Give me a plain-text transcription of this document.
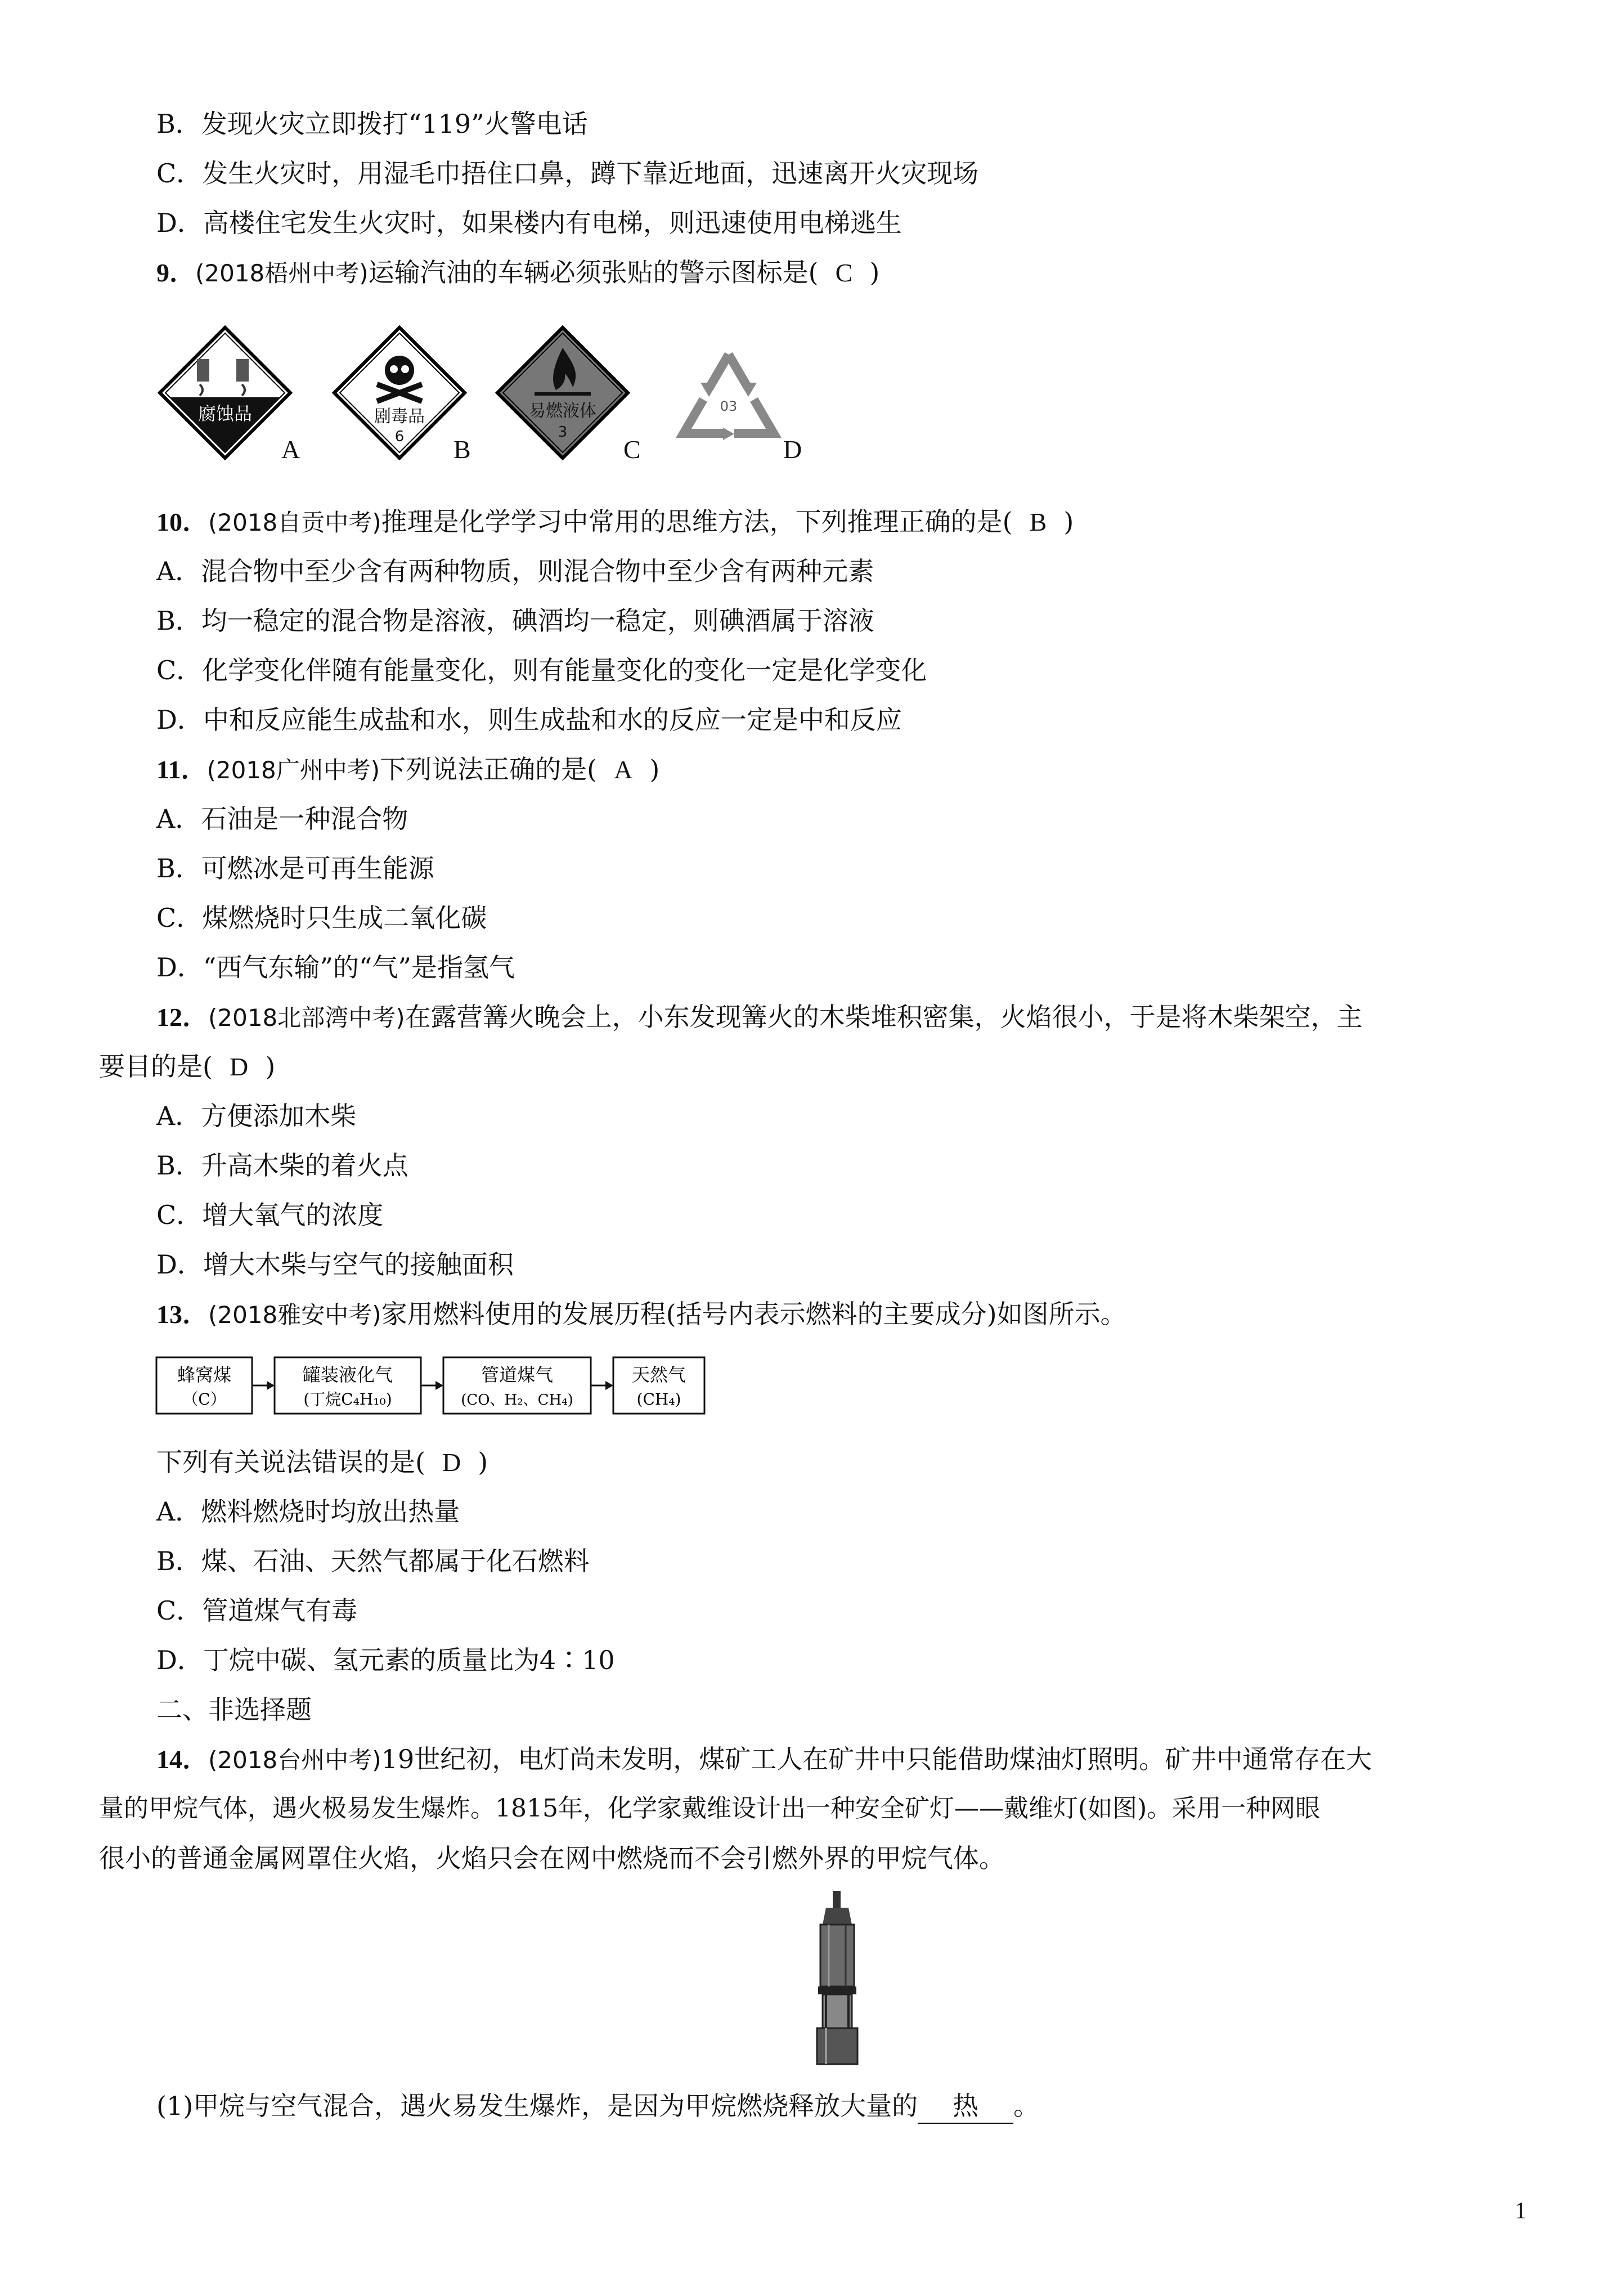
B．发现火灾立即拨打“119”火警电话
C．发生火灾时，用湿毛巾捂住口鼻，蹲下靠近地面，迅速离开火灾现场
D．高楼住宅发生火灾时，如果楼内有电梯，则迅速使用电梯逃生
9．(2018梧州中考)运输汽油的车辆必须张贴的警示图标是( C )
腐蚀品
A
剧毒品
6 B
易燃液体
3
C
03
D
10．(2018自贡中考)推理是化学学习中常用的思维方法，下列推理正确的是( B )
A．混合物中至少含有两种物质，则混合物中至少含有两种元素
B．均一稳定的混合物是溶液，碘酒均一稳定，则碘酒属于溶液
C．化学变化伴随有能量变化，则有能量变化的变化一定是化学变化
D．中和反应能生成盐和水，则生成盐和水的反应一定是中和反应
11．(2018广州中考)下列说法正确的是( A )
A．石油是一种混合物
B．可燃冰是可再生能源
C．煤燃烧时只生成二氧化碳
D．“西气东输”的“气”是指氢气
12．(2018北部湾中考)在露营篝火晚会上，小东发现篝火的木柴堆积密集，火焰很小，于是将木柴架空，主
要目的是( D )
A．方便添加木柴
B．升高木柴的着火点
C．增大氧气的浓度
D．增大木柴与空气的接触面积
13．(2018雅安中考)家用燃料使用的发展历程(括号内表示燃料的主要成分)如图所示。
蜂窝煤
（C）
罐装液化气
(丁烷C₄H₁₀)
管道煤气
(CO、H₂、CH₄)
天然气
(CH₄)
下列有关说法错误的是( D )
A．燃料燃烧时均放出热量
B．煤、石油、天然气都属于化石燃料
C．管道煤气有毒
D．丁烷中碳、氢元素的质量比为4∶10
二、非选择题
14．(2018台州中考)19世纪初，电灯尚未发明，煤矿工人在矿井中只能借助煤油灯照明。矿井中通常存在大
量的甲烷气体，遇火极易发生爆炸。1815年，化学家戴维设计出一种安全矿灯——戴维灯(如图)。采用一种网眼
很小的普通金属网罩住火焰，火焰只会在网中燃烧而不会引燃外界的甲烷气体。
(1)甲烷与空气混合，遇火易发生爆炸，是因为甲烷燃烧释放大量的 热 。
1
